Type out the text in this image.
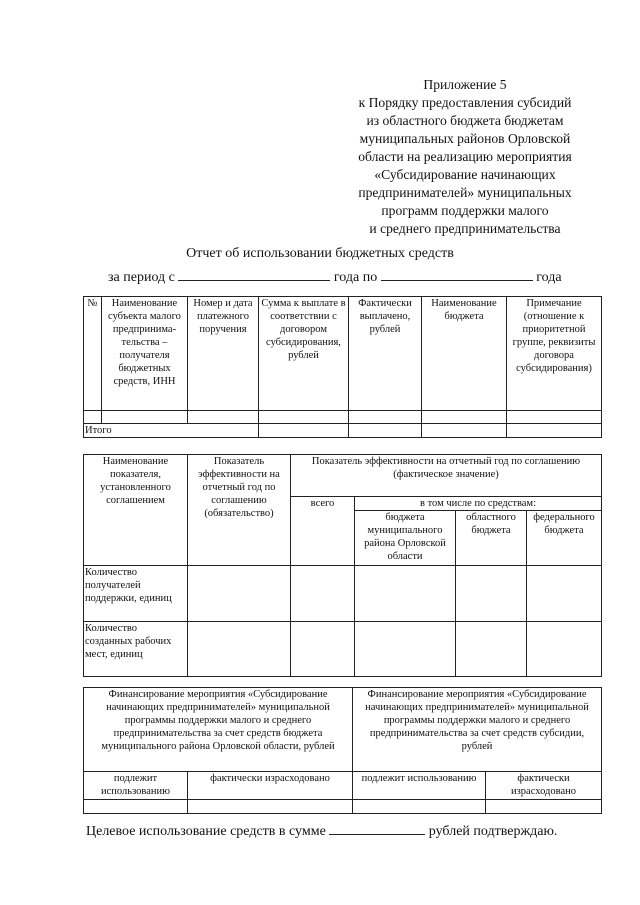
Приложение 5
к Порядку предоставления субсидий
из областного бюджета бюджетам
муниципальных районов Орловской
области на реализацию мероприятия
«Субсидирование начинающих
предпринимателей» муниципальных
программ поддержки малого
и среднего предпринимательства
Отчет об использовании бюджетных средств
за период с	года по	года
№	Наименование субъекта малого предпринима-тельства – получателя бюджетных средств, ИНН	Номер и дата платежного поручения	Сумма к выплате в соответствии с договором субсидирования, рублей	Фактически выплачено, рублей	Наименование бюджета	Примечание (отношение к приоритетной группе, реквизиты договора субсидирования)

Итого						
Наименование показателя, установленного соглашением	Показатель эффективности на отчетный год по соглашению (обязательство)	Показатель эффективности на отчетный год по соглашению (фактическое значение)			
		всего	в том числе по средствам:		
			бюджета муниципального района Орловской области	областного бюджета	федерального бюджета
Количество получателей поддержки, единиц					
Количество созданных рабочих мест, единиц					
Финансирование мероприятия «Субсидирование начинающих предпринимателей» муниципальной программы поддержки малого и среднего предпринимательства за счет средств бюджета муниципального района Орловской области, рублей		Финансирование мероприятия «Субсидирование начинающих предпринимателей» муниципальной программы поддержки малого и среднего предпринимательства за счет средств субсидии, рублей	
подлежит использованию	фактически израсходовано	подлежит использованию	фактически израсходовано

Целевое использование средств в сумме	рублей подтверждаю.
